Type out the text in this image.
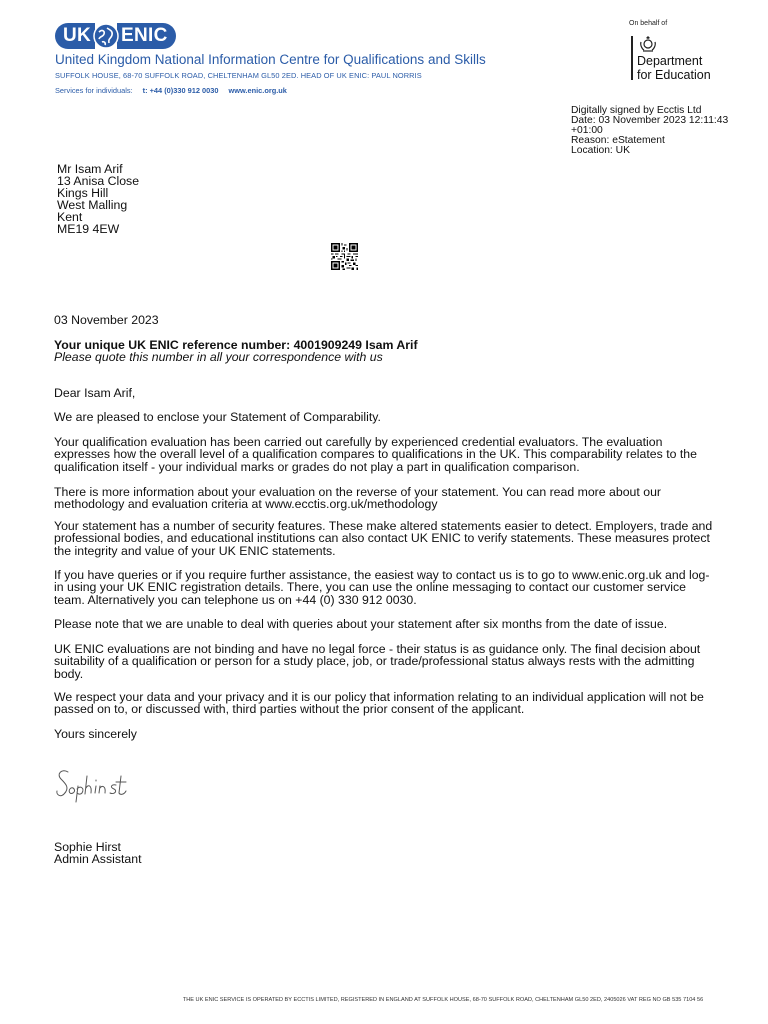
UK ENIC
United Kingdom National Information Centre for Qualifications and Skills
SUFFOLK HOUSE, 68-70 SUFFOLK ROAD, CHELTENHAM GL50 2ED. HEAD OF UK ENIC: PAUL NORRIS
Services for individuals: t: +44 (0)330 912 0030 www.enic.org.uk
On behalf of
Department
for Education
Digitally signed by Ecctis Ltd
Date: 03 November 2023 12:11:43
+01:00
Reason: eStatement
Location: UK
Mr Isam Arif
13 Anisa Close
Kings Hill
West Malling
Kent
ME19 4EW
03 November 2023
Your unique UK ENIC reference number: 4001909249 Isam Arif
Please quote this number in all your correspondence with us
Dear Isam Arif,

We are pleased to enclose your Statement of Comparability.

Your qualification evaluation has been carried out carefully by experienced credential evaluators. The evaluation expresses how the overall level of a qualification compares to qualifications in the UK. This comparability relates to the qualification itself - your individual marks or grades do not play a part in qualification comparison.

There is more information about your evaluation on the reverse of your statement. You can read more about our methodology and evaluation criteria at www.ecctis.org.uk/methodology

Your statement has a number of security features. These make altered statements easier to detect. Employers, trade and professional bodies, and educational institutions can also contact UK ENIC to verify statements. These measures protect the integrity and value of your UK ENIC statements.

If you have queries or if you require further assistance, the easiest way to contact us is to go to www.enic.org.uk and log-in using your UK ENIC registration details. There, you can use the online messaging to contact our customer service team. Alternatively you can telephone us on +44 (0) 330 912 0030.

Please note that we are unable to deal with queries about your statement after six months from the date of issue.

UK ENIC evaluations are not binding and have no legal force - their status is as guidance only. The final decision about suitability of a qualification or person for a study place, job, or trade/professional status always rests with the admitting body.

We respect your data and your privacy and it is our policy that information relating to an individual application will not be passed on to, or discussed with, third parties without the prior consent of the applicant.

Yours sincerely
Sophie Hirst
Admin Assistant
THE UK ENIC SERVICE IS OPERATED BY ECCTIS LIMITED, REGISTERED IN ENGLAND AT SUFFOLK HOUSE, 68-70 SUFFOLK ROAD, CHELTENHAM GL50 2ED, 2405026 VAT REG NO GB 535 7104 56
